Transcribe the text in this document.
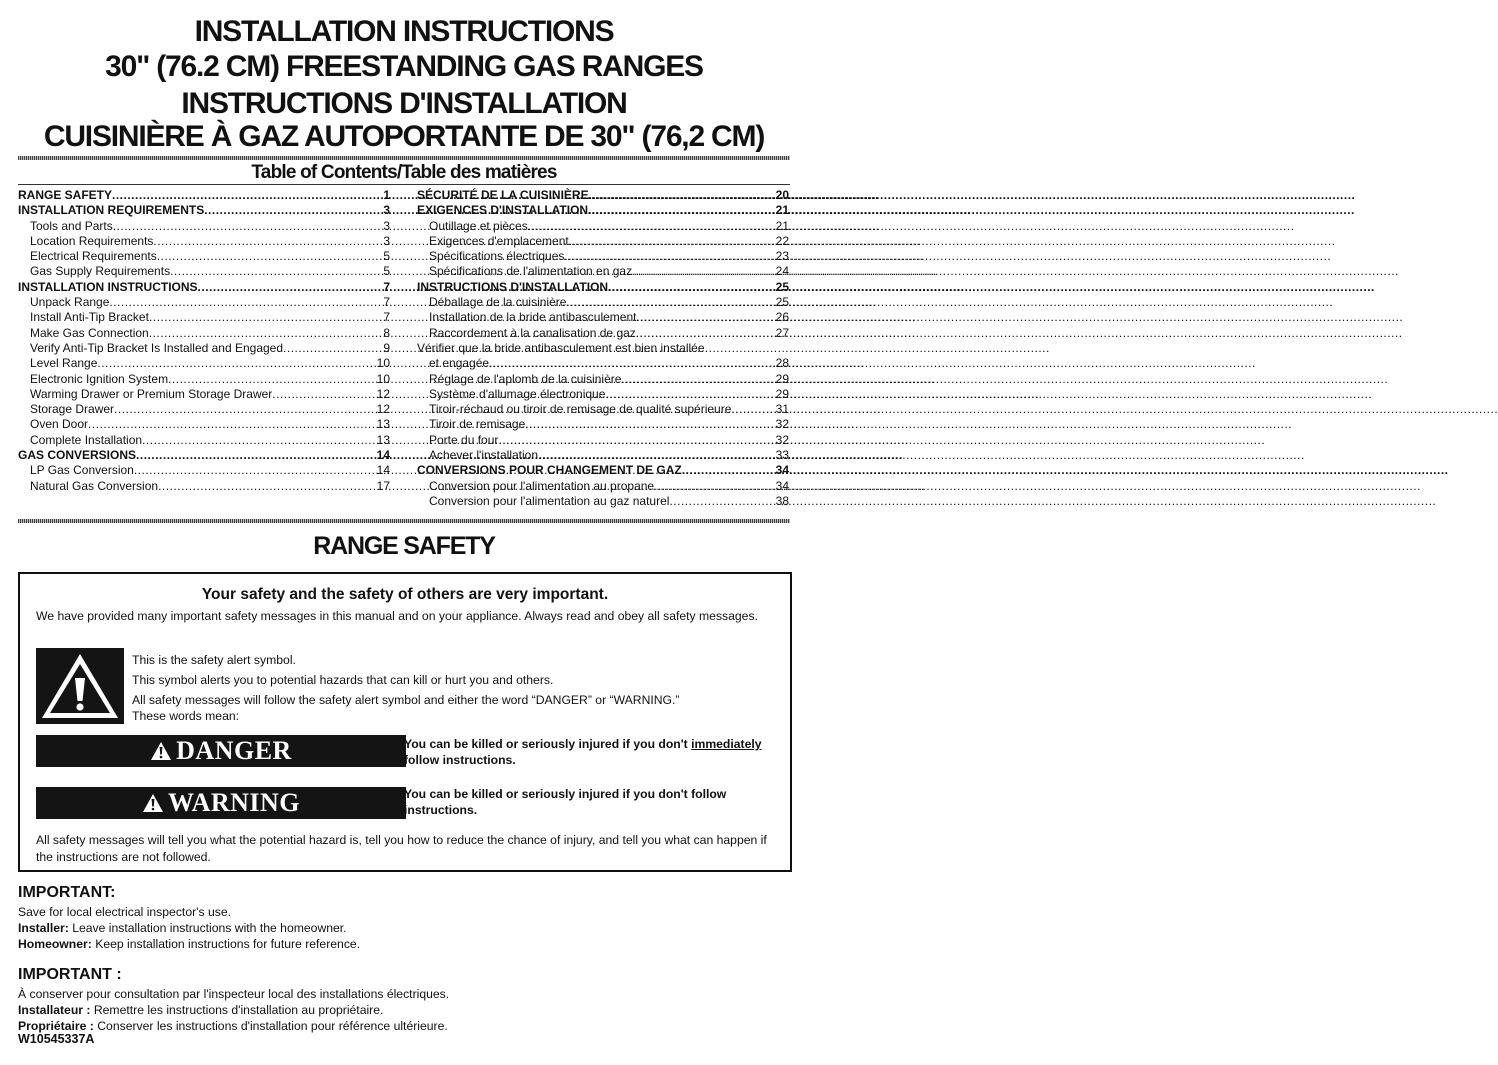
INSTALLATION INSTRUCTIONS
30" (76.2 CM) FREESTANDING GAS RANGES
INSTRUCTIONS D'INSTALLATION
CUISINIÈRE À GAZ AUTOPORTANTE DE 30" (76,2 CM)
Table of Contents/Table des matières
RANGE SAFETY .....	1
INSTALLATION REQUIREMENTS .....	3
Tools and Parts .....	3
Location Requirements .....	3
Electrical Requirements .....	5
Gas Supply Requirements .....	5
INSTALLATION INSTRUCTIONS .....	7
Unpack Range .....	7
Install Anti-Tip Bracket .....	7
Make Gas Connection .....	8
Verify Anti-Tip Bracket Is Installed and Engaged .....	9
Level Range .....	10
Electronic Ignition System .....	10
Warming Drawer or Premium Storage Drawer .....	12
Storage Drawer .....	12
Oven Door .....	13
Complete Installation .....	13
GAS CONVERSIONS .....	14
LP Gas Conversion .....	14
Natural Gas Conversion .....	17
SÉCURITÉ DE LA CUISINIÈRE .....	20
EXIGENCES D'INSTALLATION .....	21
Outillage et pièces .....	21
Exigences d'emplacement .....	22
Spécifications électriques .....	23
Spécifications de l'alimentation en gaz .....	24
INSTRUCTIONS D'INSTALLATION .....	25
Déballage de la cuisinière .....	25
Installation de la bride antibasculement .....	26
Raccordement à la canalisation de gaz .....	27
Vérifier que la bride antibasculement est bien installée
et engagée .....	28
Réglage de l'aplomb de la cuisinière .....	29
Système d'allumage électronique .....	29
Tiroir-réchaud ou tiroir de remisage de qualité supérieure .....	31
Tiroir de remisage .....	32
Porte du four .....	32
Achever l'installation .....	33
CONVERSIONS POUR CHANGEMENT DE GAZ .....	34
Conversion pour l'alimentation au propane .....	34
Conversion pour l'alimentation au gaz naturel .....	38
RANGE SAFETY
Your safety and the safety of others are very important.
We have provided many important safety messages in this manual and on your appliance. Always read and obey all safety messages.
This is the safety alert symbol.
This symbol alerts you to potential hazards that can kill or hurt you and others.
All safety messages will follow the safety alert symbol and either the word “DANGER” or “WARNING.”
These words mean:
DANGER	You can be killed or seriously injured if you don't immediately
follow instructions.
WARNING	You can be killed or seriously injured if you don't follow instructions.
All safety messages will tell you what the potential hazard is, tell you how to reduce the chance of injury, and tell you what can happen if the instructions are not followed.
IMPORTANT:
Save for local electrical inspector's use.
Installer: Leave installation instructions with the homeowner.
Homeowner: Keep installation instructions for future reference.
IMPORTANT :
À conserver pour consultation par l'inspecteur local des installations électriques.
Installateur : Remettre les instructions d'installation au propriétaire.
Propriétaire : Conserver les instructions d'installation pour référence ultérieure.
W10545337A
